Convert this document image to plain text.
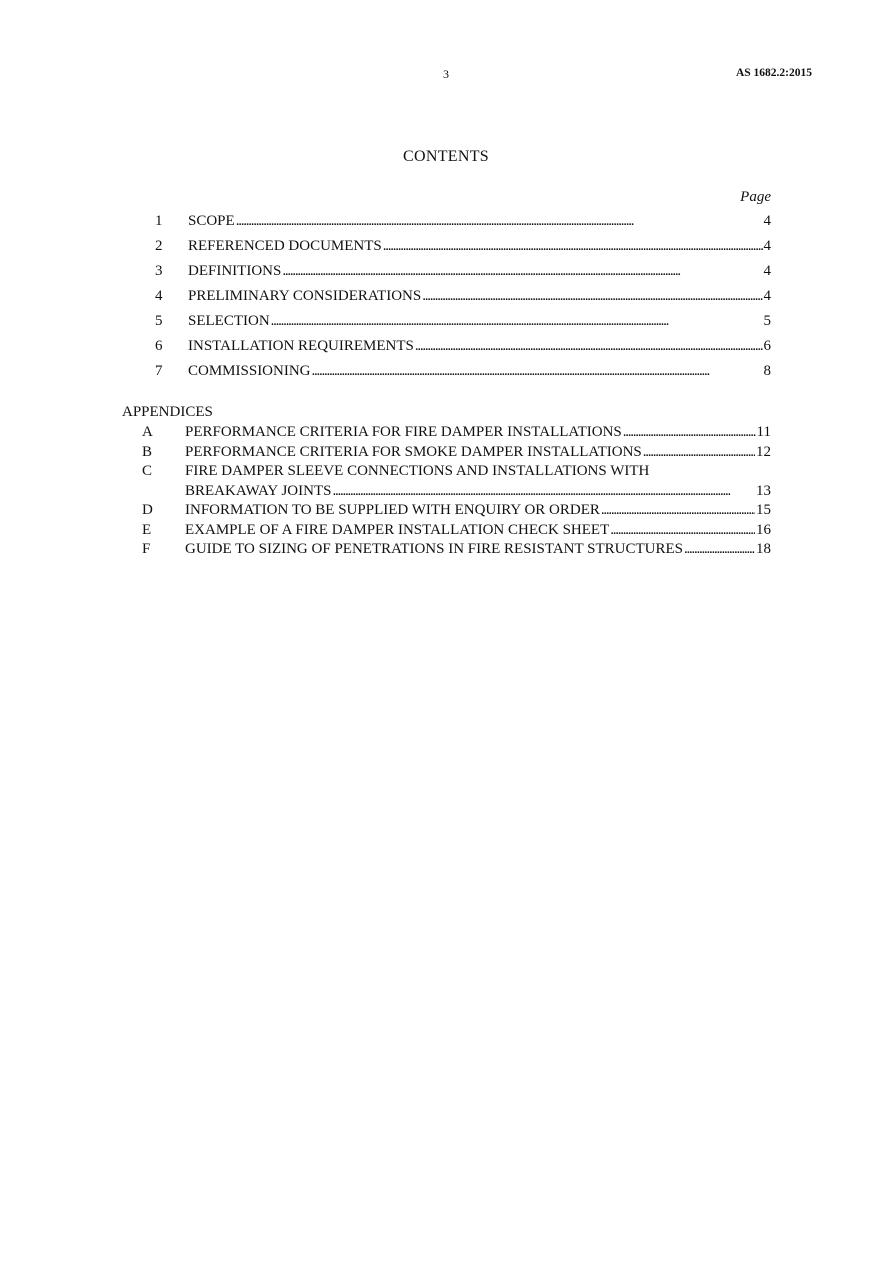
3	AS 1682.2:2015
CONTENTS
Page
1	SCOPE . . .	4
2	REFERENCED DOCUMENTS . . .	4
3	DEFINITIONS . . .	4
4	PRELIMINARY CONSIDERATIONS . . .	4
5	SELECTION . . .	5
6	INSTALLATION REQUIREMENTS . . .	6
7	COMMISSIONING . . .	8
APPENDICES
A	PERFORMANCE CRITERIA FOR FIRE DAMPER INSTALLATIONS . . .	11
B	PERFORMANCE CRITERIA FOR SMOKE DAMPER INSTALLATIONS . . .	12
C	FIRE DAMPER SLEEVE CONNECTIONS AND INSTALLATIONS WITH
BREAKAWAY JOINTS . . .	13
D	INFORMATION TO BE SUPPLIED WITH ENQUIRY OR ORDER . . .	15
E	EXAMPLE OF A FIRE DAMPER INSTALLATION CHECK SHEET . . .	16
F	GUIDE TO SIZING OF PENETRATIONS IN FIRE RESISTANT STRUCTURES . . .	18
